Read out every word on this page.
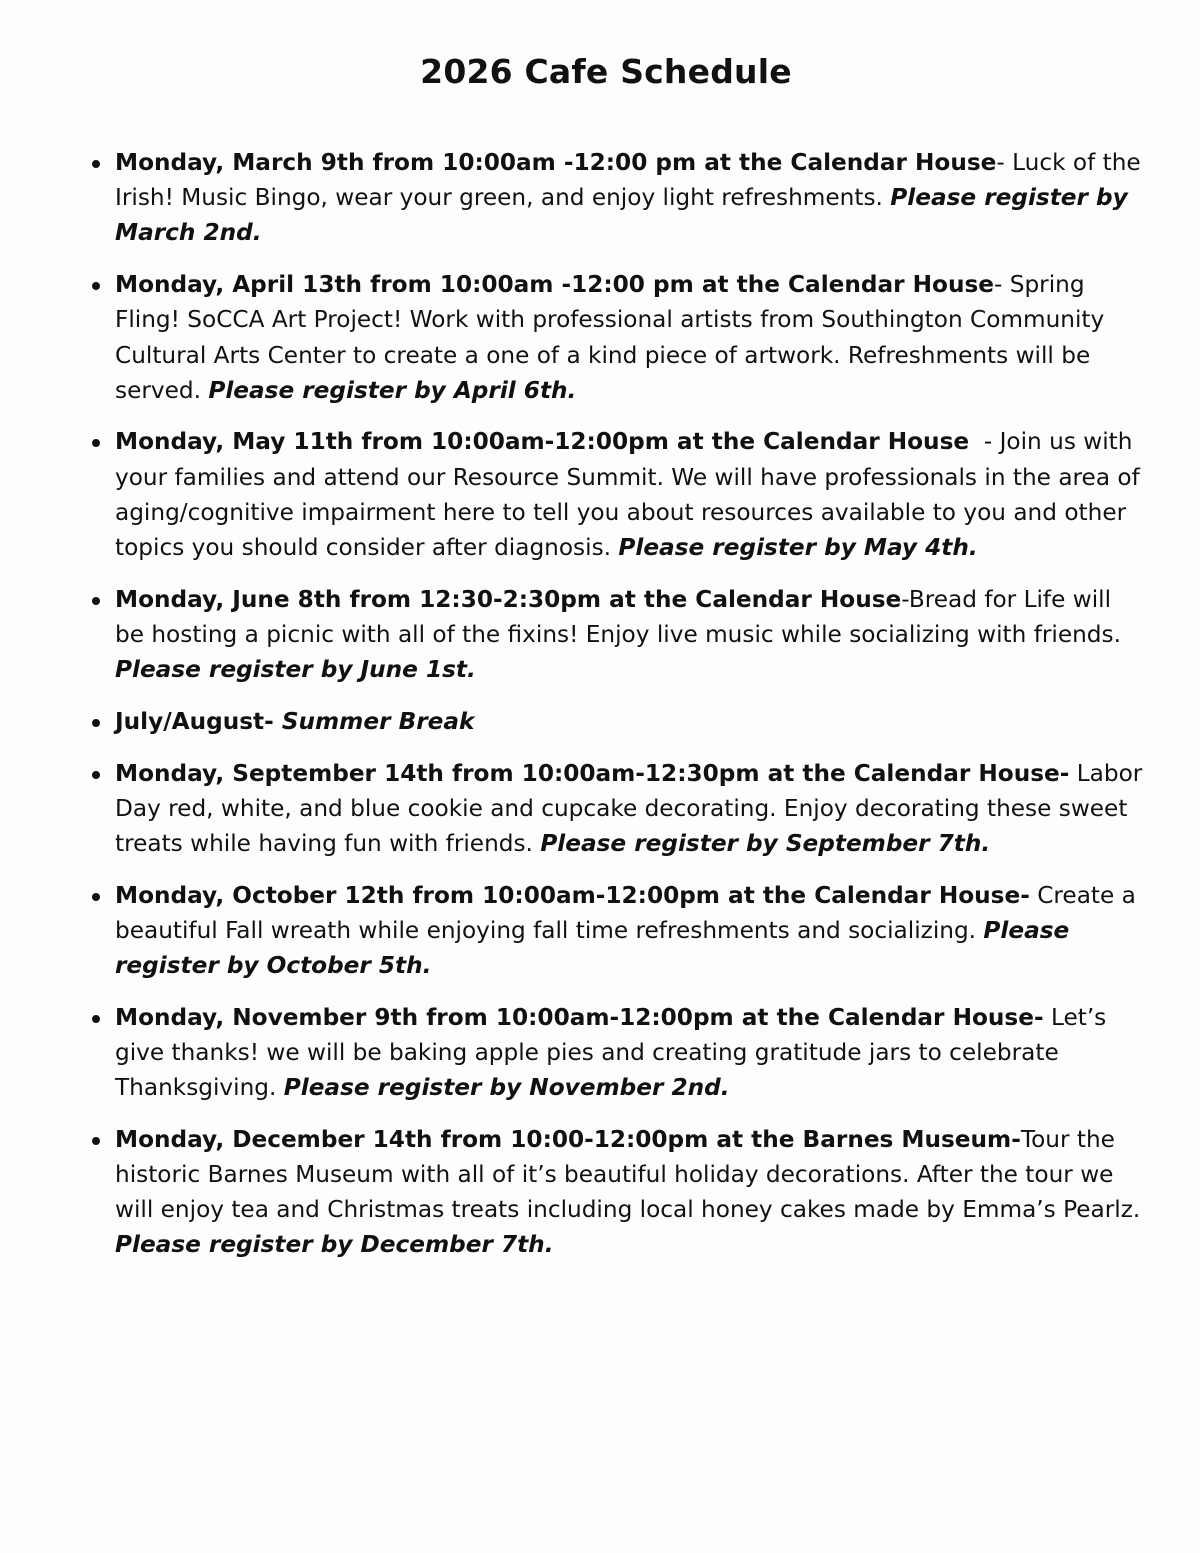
2026 Cafe Schedule
Monday, March 9th from 10:00am -12:00 pm at the Calendar House- Luck of the Irish! Music Bingo, wear your green, and enjoy light refreshments. Please register by March 2nd.
Monday, April 13th from 10:00am -12:00 pm at the Calendar House- Spring Fling! SoCCA Art Project! Work with professional artists from Southington Community Cultural Arts Center to create a one of a kind piece of artwork. Refreshments will be served. Please register by April 6th.
Monday, May 11th from 10:00am-12:00pm at the Calendar House  - Join us with your families and attend our Resource Summit. We will have professionals in the area of aging/cognitive impairment here to tell you about resources available to you and other topics you should consider after diagnosis. Please register by May 4th.
Monday, June 8th from 12:30-2:30pm at the Calendar House-Bread for Life will be hosting a picnic with all of the fixins! Enjoy live music while socializing with friends. Please register by June 1st.
July/August- Summer Break
Monday, September 14th from 10:00am-12:30pm at the Calendar House- Labor Day red, white, and blue cookie and cupcake decorating. Enjoy decorating these sweet treats while having fun with friends. Please register by September 7th.
Monday, October 12th from 10:00am-12:00pm at the Calendar House- Create a beautiful Fall wreath while enjoying fall time refreshments and socializing. Please register by October 5th.
Monday, November 9th from 10:00am-12:00pm at the Calendar House- Let’s give thanks! we will be baking apple pies and creating gratitude jars to celebrate Thanksgiving. Please register by November 2nd.
Monday, December 14th from 10:00-12:00pm at the Barnes Museum-Tour the historic Barnes Museum with all of it’s beautiful holiday decorations. After the tour we will enjoy tea and Christmas treats including local honey cakes made by Emma’s Pearlz. Please register by December 7th.
